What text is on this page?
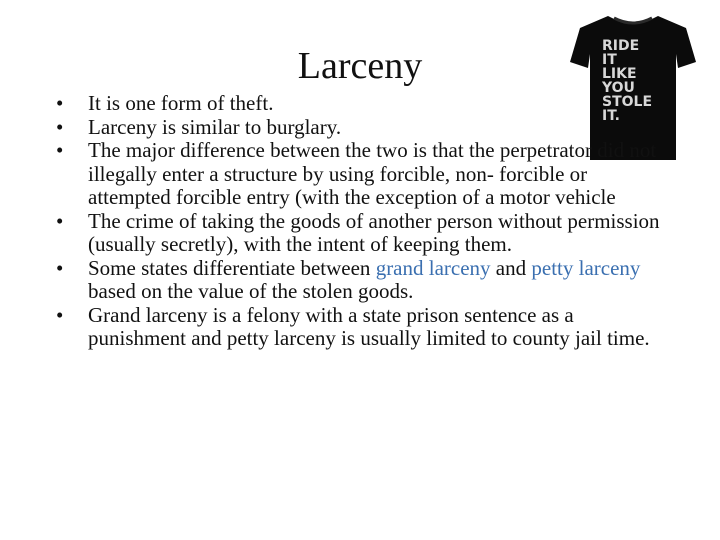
Larceny	RIDE
IT
LIKE
YOU
STOLE
IT.
• It is one form of theft.
• Larceny is similar to burglary.
• The major difference between the two is that the perpetrator did not illegally enter a structure by using forcible, non- forcible or attempted forcible entry (with the exception of a motor vehicle
• The crime of taking the goods of another person without permission (usually secretly), with the intent of keeping them.
• Some states differentiate between grand larceny and petty larceny based on the value of the stolen goods.
• Grand larceny is a felony with a state prison sentence as a punishment and petty larceny is usually limited to county jail time.
